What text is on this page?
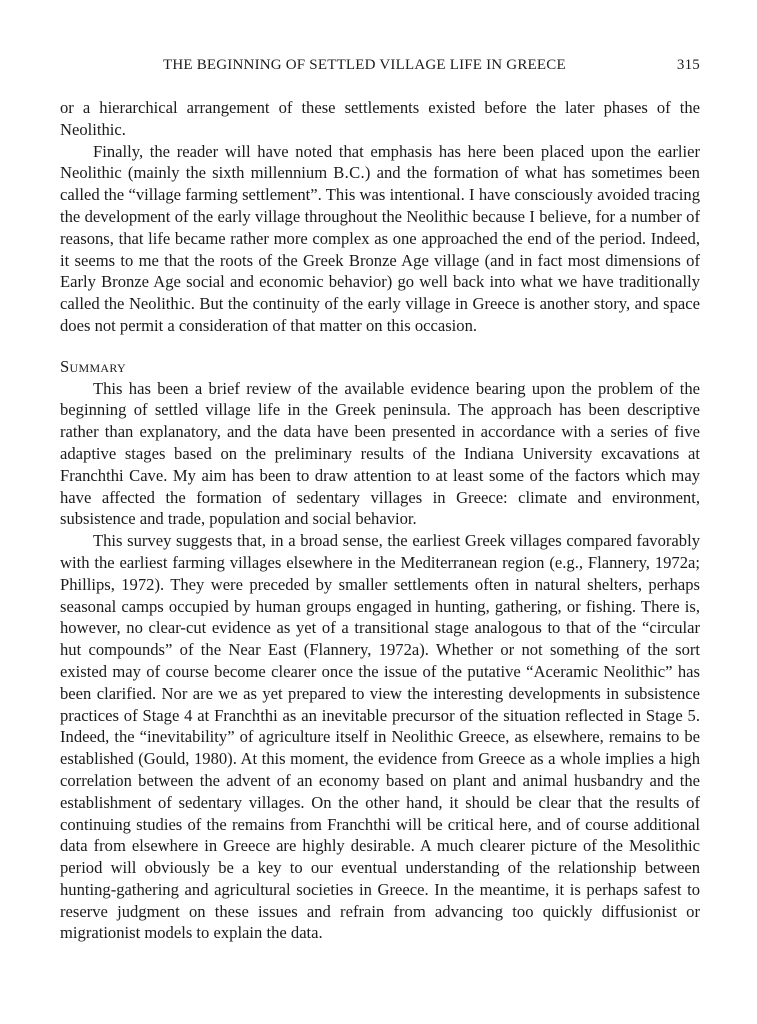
THE BEGINNING OF SETTLED VILLAGE LIFE IN GREECE	315

or a hierarchical arrangement of these settlements existed before the later phases of the Neolithic.

Finally, the reader will have noted that emphasis has here been placed upon the earlier Neolithic (mainly the sixth millennium B.C.) and the formation of what has sometimes been called the “village farming settlement”. This was intentional. I have consciously avoided tracing the development of the early village throughout the Neolithic because I believe, for a number of reasons, that life became rather more complex as one approached the end of the period. Indeed, it seems to me that the roots of the Greek Bronze Age village (and in fact most dimensions of Early Bronze Age social and economic behavior) go well back into what we have traditionally called the Neolithic. But the continuity of the early village in Greece is another story, and space does not permit a consideration of that matter on this occasion.

Summary

This has been a brief review of the available evidence bearing upon the problem of the beginning of settled village life in the Greek peninsula. The approach has been descriptive rather than explanatory, and the data have been presented in accordance with a series of five adaptive stages based on the preliminary results of the Indiana University excavations at Franchthi Cave. My aim has been to draw attention to at least some of the factors which may have affected the formation of sedentary villages in Greece: climate and environment, subsistence and trade, population and social behavior.

This survey suggests that, in a broad sense, the earliest Greek villages compared favorably with the earliest farming villages elsewhere in the Mediterranean region (e.g., Flannery, 1972a; Phillips, 1972). They were preceded by smaller settlements often in natural shelters, perhaps seasonal camps occupied by human groups engaged in hunting, gathering, or fishing. There is, however, no clear-cut evidence as yet of a transitional stage analogous to that of the “circular hut compounds” of the Near East (Flannery, 1972a). Whether or not something of the sort existed may of course become clearer once the issue of the putative “Aceramic Neolithic” has been clarified. Nor are we as yet prepared to view the interesting developments in subsistence practices of Stage 4 at Franchthi as an inevitable precursor of the situation reflected in Stage 5. Indeed, the “inevitability” of agriculture itself in Neolithic Greece, as elsewhere, remains to be established (Gould, 1980). At this moment, the evidence from Greece as a whole implies a high correlation between the advent of an economy based on plant and animal husbandry and the establishment of sedentary villages. On the other hand, it should be clear that the results of continuing studies of the remains from Franchthi will be critical here, and of course additional data from elsewhere in Greece are highly desirable. A much clearer picture of the Mesolithic period will obviously be a key to our eventual understanding of the relationship between hunting-gathering and agricultural societies in Greece. In the meantime, it is perhaps safest to reserve judgment on these issues and refrain from advancing too quickly diffusionist or migrationist models to explain the data.
